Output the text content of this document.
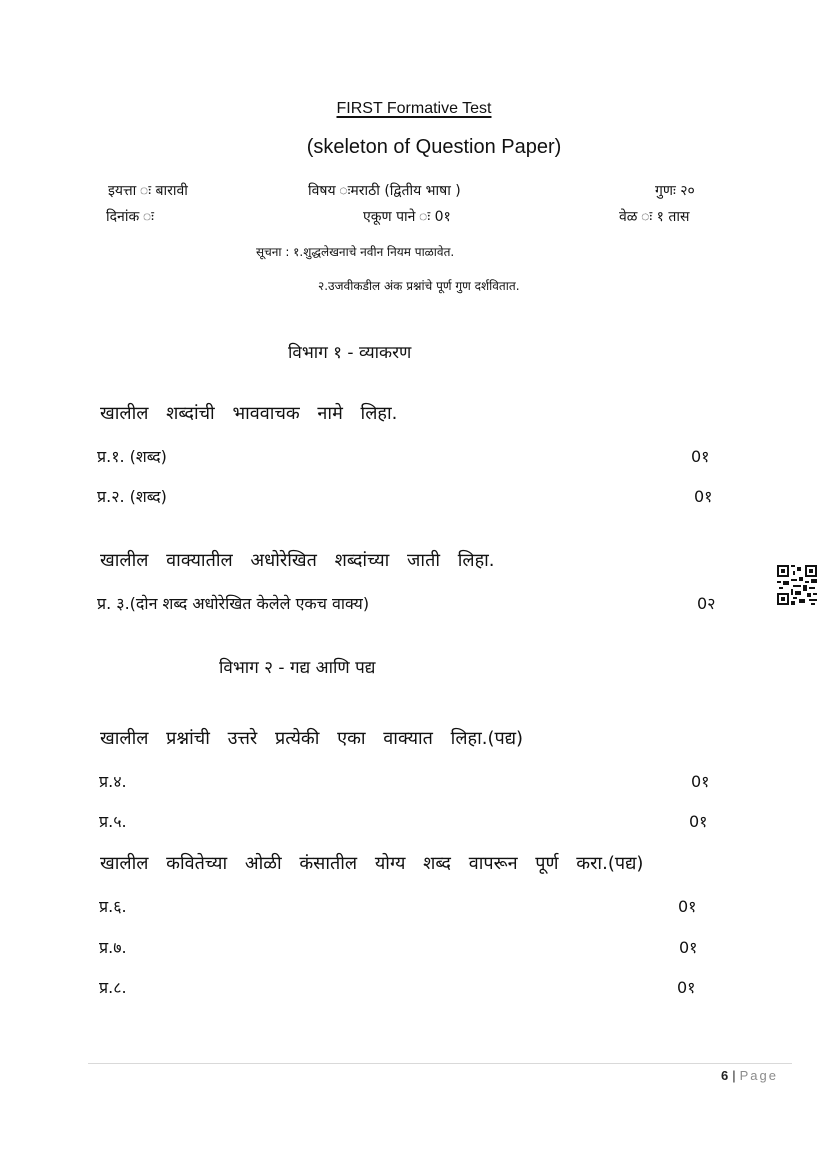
FIRST Formative Test
(skeleton of Question Paper)
इयत्ता ः बारावी	विषय ःमराठी (द्वितीय भाषा )	गुणः २०
दिनांक ः	एकूण पाने ः 0१	वेळ ः १ तास
सूचना : १.शुद्धलेखनाचे नवीन नियम पाळावेत.
२.उजवीकडील अंक प्रश्नांचे पूर्ण गुण दर्शवितात.
विभाग १ - व्याकरण
खालील शब्दांची भाववाचक नामे लिहा.
प्र.१. (शब्द)	0१
प्र.२. (शब्द)	0१
खालील वाक्यातील अधोरेखित शब्दांच्या जाती लिहा.
प्र. ३.(दोन शब्द अधोरेखित केलेले एकच वाक्य)	0२
विभाग २ - गद्य आणि पद्य
खालील प्रश्नांची उत्तरे प्रत्येकी एका वाक्यात लिहा.(पद्य)
प्र.४.	0१
प्र.५.	0१
खालील कवितेच्या ओळी कंसातील योग्य शब्द वापरून पूर्ण करा.(पद्य)
प्र.६.	0१
प्र.७.	0१
प्र.८.	0१
6 | Page
